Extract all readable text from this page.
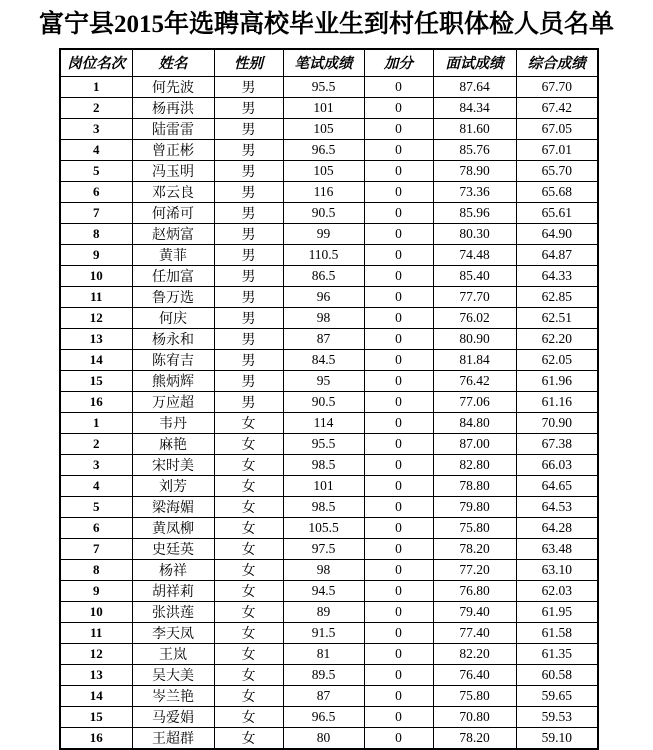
富宁县2015年选聘高校毕业生到村任职体检人员名单
岗位名次	姓名	性别	笔试成绩	加分	面试成绩	综合成绩
1	何先波	男	95.5	0	87.64	67.70
2	杨再洪	男	101	0	84.34	67.42
3	陆雷雷	男	105	0	81.60	67.05
4	曾正彬	男	96.5	0	85.76	67.01
5	冯玉明	男	105	0	78.90	65.70
6	邓云良	男	116	0	73.36	65.68
7	何浠可	男	90.5	0	85.96	65.61
8	赵炳富	男	99	0	80.30	64.90
9	黄菲	男	110.5	0	74.48	64.87
10	任加富	男	86.5	0	85.40	64.33
11	鲁万选	男	96	0	77.70	62.85
12	何庆	男	98	0	76.02	62.51
13	杨永和	男	87	0	80.90	62.20
14	陈宥吉	男	84.5	0	81.84	62.05
15	熊炳辉	男	95	0	76.42	61.96
16	万应超	男	90.5	0	77.06	61.16
1	韦丹	女	114	0	84.80	70.90
2	麻艳	女	95.5	0	87.00	67.38
3	宋时美	女	98.5	0	82.80	66.03
4	刘芳	女	101	0	78.80	64.65
5	梁海媚	女	98.5	0	79.80	64.53
6	黄凤柳	女	105.5	0	75.80	64.28
7	史廷英	女	97.5	0	78.20	63.48
8	杨祥	女	98	0	77.20	63.10
9	胡祥莉	女	94.5	0	76.80	62.03
10	张洪莲	女	89	0	79.40	61.95
11	李天凤	女	91.5	0	77.40	61.58
12	王岚	女	81	0	82.20	61.35
13	吴大美	女	89.5	0	76.40	60.58
14	岑兰艳	女	87	0	75.80	59.65
15	马爱娟	女	96.5	0	70.80	59.53
16	王超群	女	80	0	78.20	59.10
